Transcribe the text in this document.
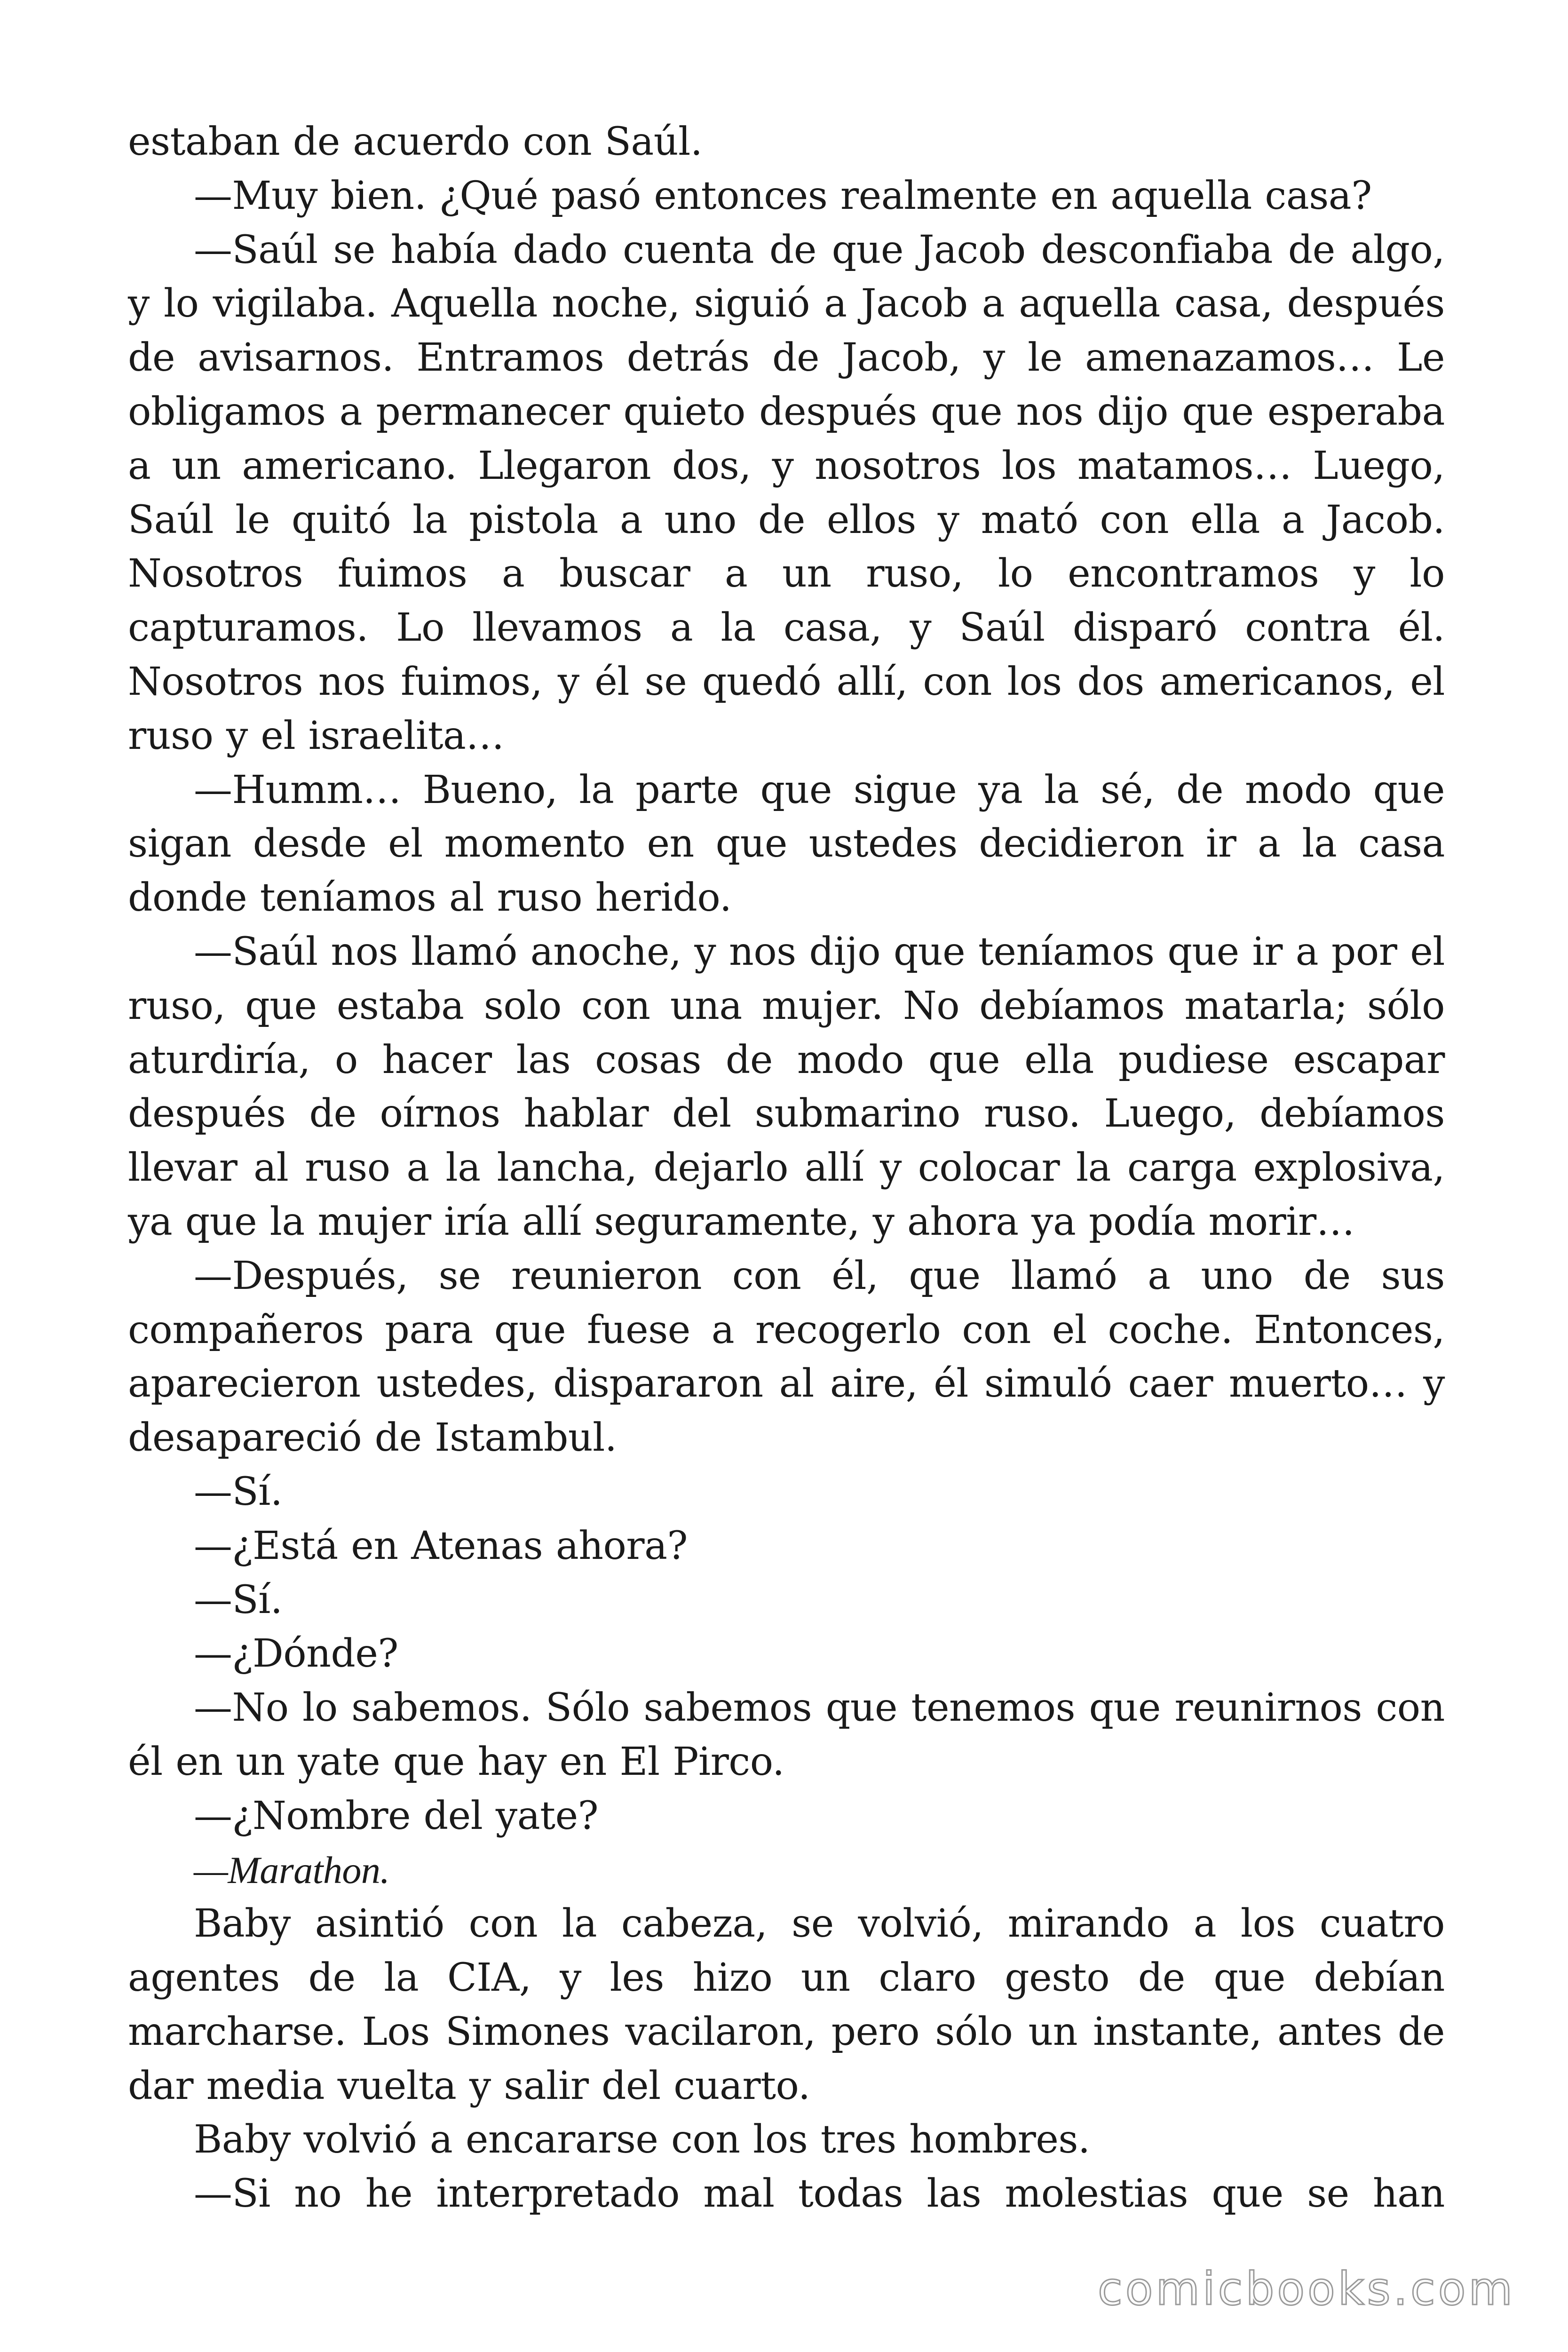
estaban de acuerdo con Saúl.

—Muy bien. ¿Qué pasó entonces realmente en aquella casa?

—Saúl se había dado cuenta de que Jacob desconfiaba de algo, y lo vigilaba. Aquella noche, siguió a Jacob a aquella casa, después de avisarnos. Entramos detrás de Jacob, y le amenazamos… Le obligamos a permanecer quieto después que nos dijo que esperaba a un americano. Llegaron dos, y nosotros los matamos… Luego, Saúl le quitó la pistola a uno de ellos y mató con ella a Jacob. Nosotros fuimos a buscar a un ruso, lo encontramos y lo capturamos. Lo llevamos a la casa, y Saúl disparó contra él. Nosotros nos fuimos, y él se quedó allí, con los dos americanos, el ruso y el israelita…

—Humm… Bueno, la parte que sigue ya la sé, de modo que sigan desde el momento en que ustedes decidieron ir a la casa donde teníamos al ruso herido.

—Saúl nos llamó anoche, y nos dijo que teníamos que ir a por el ruso, que estaba solo con una mujer. No debíamos matarla; sólo aturdiría, o hacer las cosas de modo que ella pudiese escapar después de oírnos hablar del submarino ruso. Luego, debíamos llevar al ruso a la lancha, dejarlo allí y colocar la carga explosiva, ya que la mujer iría allí seguramente, y ahora ya podía morir…

—Después, se reunieron con él, que llamó a uno de sus compañeros para que fuese a recogerlo con el coche. Entonces, aparecieron ustedes, dispararon al aire, él simuló caer muerto… y desapareció de Istambul.

—Sí.

—¿Está en Atenas ahora?

—Sí.

—¿Dónde?

—No lo sabemos. Sólo sabemos que tenemos que reunirnos con él en un yate que hay en El Pirco.

—¿Nombre del yate?

—Marathon.

Baby asintió con la cabeza, se volvió, mirando a los cuatro agentes de la CIA, y les hizo un claro gesto de que debían marcharse. Los Simones vacilaron, pero sólo un instante, antes de dar media vuelta y salir del cuarto.

Baby volvió a encararse con los tres hombres.

—Si no he interpretado mal todas las molestias que se han

comicbooks.com
